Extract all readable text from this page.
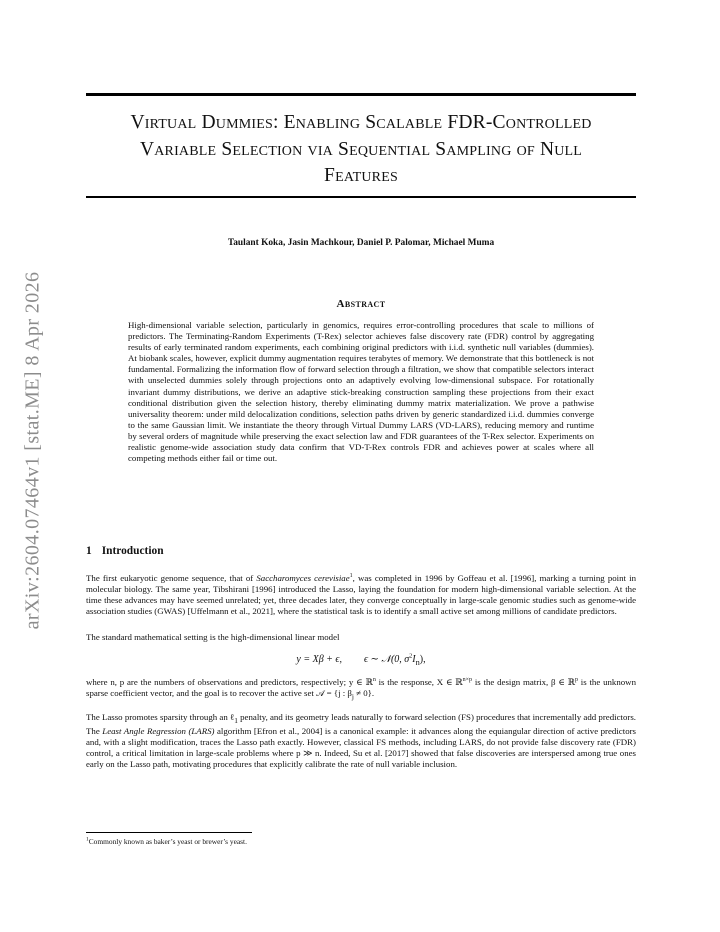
arXiv:2604.07464v1 [stat.ME] 8 Apr 2026
Virtual Dummies: Enabling Scalable FDR-Controlled
Variable Selection via Sequential Sampling of Null
Features
Taulant Koka, Jasin Machkour, Daniel P. Palomar, Michael Muma
Abstract
High-dimensional variable selection, particularly in genomics, requires error-controlling procedures that scale to millions of predictors. The Terminating-Random Experiments (T-Rex) selector achieves false discovery rate (FDR) control by aggregating results of early terminated random experiments, each combining original predictors with i.i.d. synthetic null variables (dummies). At biobank scales, however, explicit dummy augmentation requires terabytes of memory. We demonstrate that this bottleneck is not fundamental. Formalizing the information flow of forward selection through a filtration, we show that compatible selectors interact with unselected dummies solely through projections onto an adaptively evolving low-dimensional subspace. For rotationally invariant dummy distributions, we derive an adaptive stick-breaking construction sampling these projections from their exact conditional distribution given the selection history, thereby eliminating dummy matrix materialization. We prove a pathwise universality theorem: under mild delocalization conditions, selection paths driven by generic standardized i.i.d. dummies converge to the same Gaussian limit. We instantiate the theory through Virtual Dummy LARS (VD-LARS), reducing memory and runtime by several orders of magnitude while preserving the exact selection law and FDR guarantees of the T-Rex selector. Experiments on realistic genome-wide association study data confirm that VD-T-Rex controls FDR and achieves power at scales where all competing methods either fail or time out.
1 Introduction

The first eukaryotic genome sequence, that of Saccharomyces cerevisiae$^1$, was completed in 1996 by Goffeau et al. [1996], marking a turning point in molecular biology. The same year, Tibshirani [1996] introduced the Lasso, laying the foundation for modern high-dimensional variable selection. At the time these advances may have seemed unrelated; yet, three decades later, they converge conceptually in large-scale genomic studies such as genome-wide association studies (GWAS) [Uffelmann et al., 2021], where the statistical task is to identify a small active set among millions of candidate predictors.

The standard mathematical setting is the high-dimensional linear model

y = Xβ + ϵ, ϵ ∼ 𝒩(0, $\sigma^2I_n$),

where n, p are the numbers of observations and predictors, respectively; y ∈ ℝ$^n$ is the response, X ∈ ℝ$^{n\times p}$ is the design matrix, β ∈ ℝ$^p$ is the unknown sparse coefficient vector, and the goal is to recover the active set 𝒜 = {j : $\beta_j \ne 0$}.

The Lasso promotes sparsity through an ℓ$_1$ penalty, and its geometry leads naturally to forward selection (FS) procedures that incrementally add predictors. The Least Angle Regression (LARS) algorithm [Efron et al., 2004] is a canonical example: it advances along the equiangular direction of active predictors and, with a slight modification, traces the Lasso path exactly. However, classical FS methods, including LARS, do not provide false discovery rate (FDR) control, a critical limitation in large-scale problems where p ≫ n. Indeed, Su et al. [2017] showed that false discoveries are interspersed among true ones early on the Lasso path, motivating procedures that explicitly calibrate the rate of null variable inclusion.

$^1$Commonly known as baker’s yeast or brewer’s yeast.
